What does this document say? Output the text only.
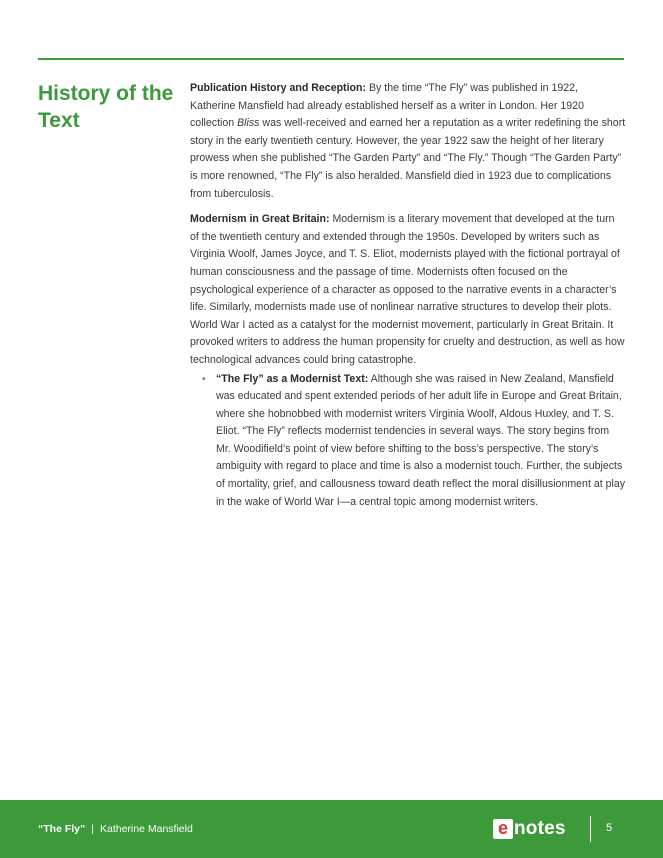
History of the Text

Publication History and Reception: By the time “The Fly” was published in 1922, Katherine Mansfield had already established herself as a writer in London. Her 1920 collection Bliss was well-received and earned her a reputation as a writer redefining the short story in the early twentieth century. However, the year 1922 saw the height of her literary prowess when she published “The Garden Party” and “The Fly.” Though “The Garden Party” is more renowned, “The Fly” is also heralded. Mansfield died in 1923 due to complications from tuberculosis.

Modernism in Great Britain: Modernism is a literary movement that developed at the turn of the twentieth century and extended through the 1950s. Developed by writers such as Virginia Woolf, James Joyce, and T. S. Eliot, modernists played with the fictional portrayal of human consciousness and the passage of time. Modernists often focused on the psychological experience of a character as opposed to the narrative events in a character’s life. Similarly, modernists made use of nonlinear narrative structures to develop their plots. World War I acted as a catalyst for the modernist movement, particularly in Great Britain. It provoked writers to address the human propensity for cruelty and destruction, as well as how technological advances could bring catastrophe.

• “The Fly” as a Modernist Text: Although she was raised in New Zealand, Mansfield was educated and spent extended periods of her adult life in Europe and Great Britain, where she hobnobbed with modernist writers Virginia Woolf, Aldous Huxley, and T. S. Eliot. “The Fly” reflects modernist tendencies in several ways. The story begins from Mr. Woodifield’s point of view before shifting to the boss’s perspective. The story’s ambiguity with regard to place and time is also a modernist touch. Further, the subjects of mortality, grief, and callousness toward death reflect the moral disillusionment at play in the wake of World War I—a central topic among modernist writers.
“The Fly” | Katherine Mansfield	e notes	5
